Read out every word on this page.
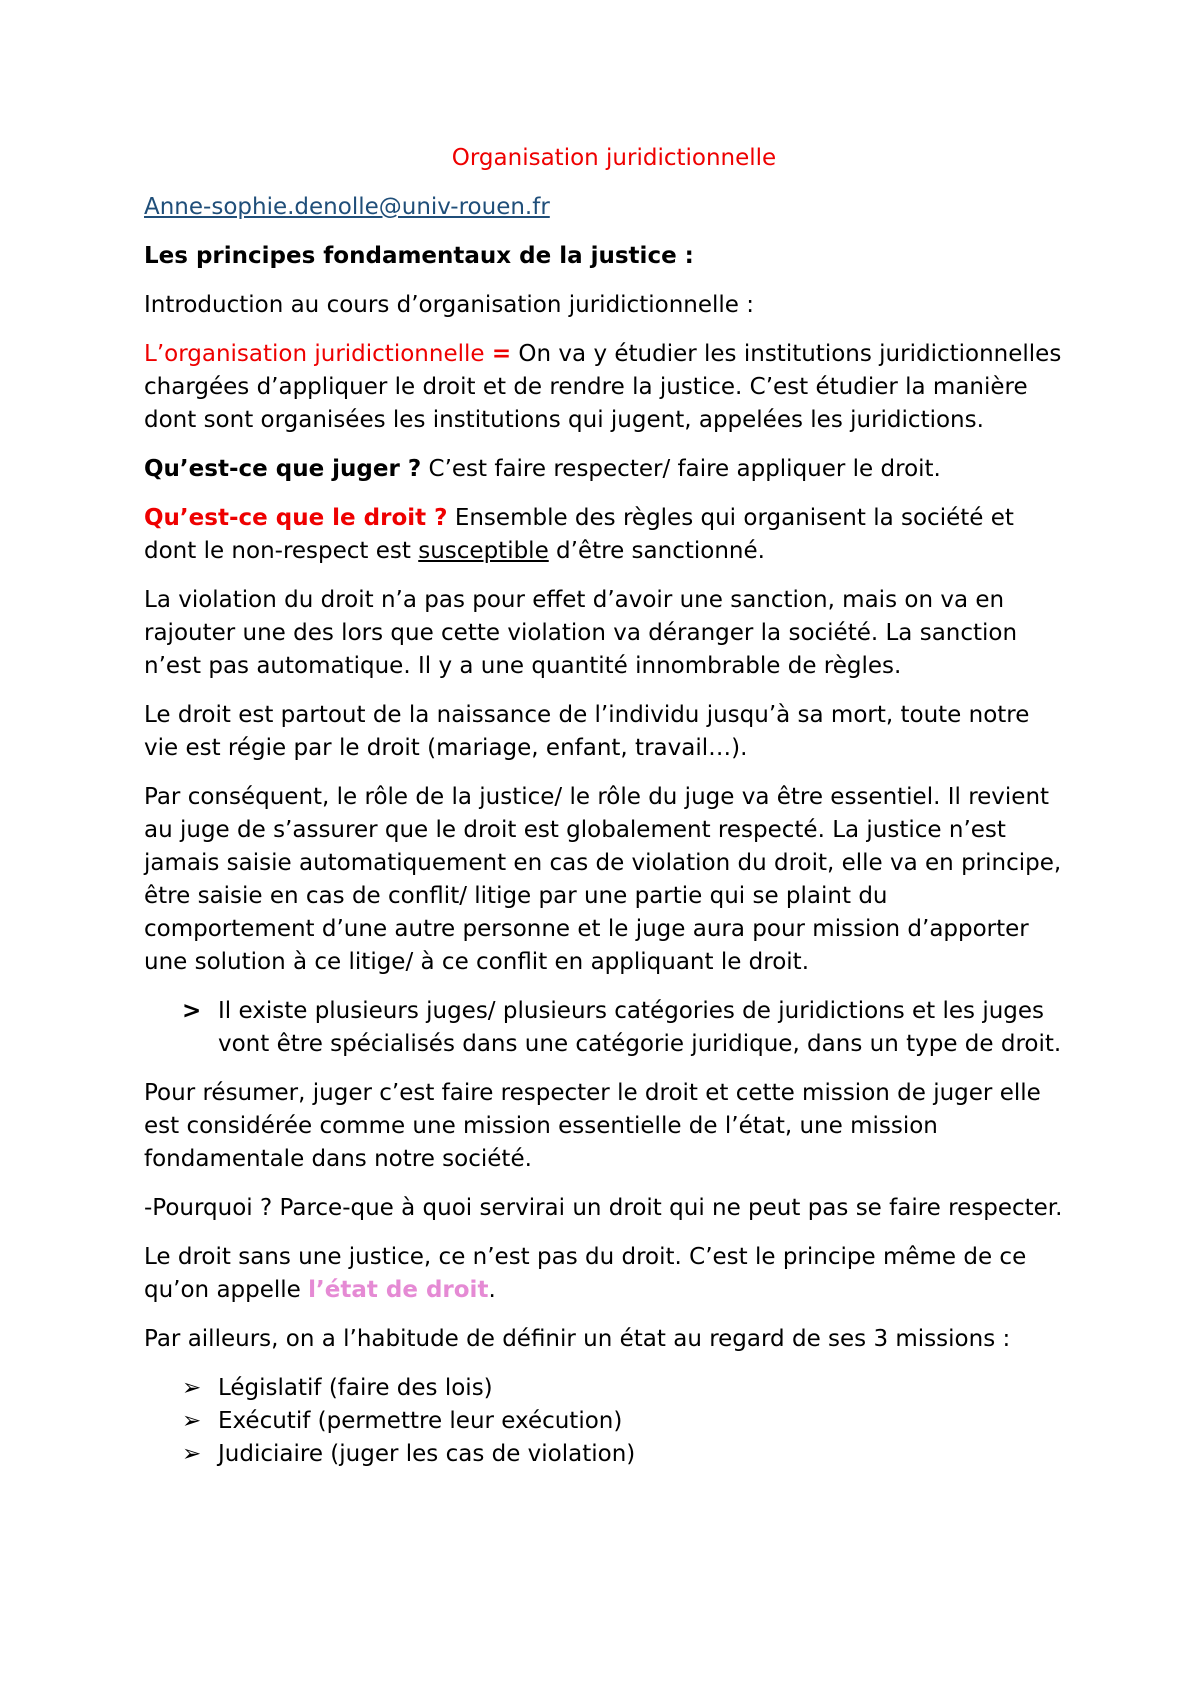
Organisation juridictionnelle
Anne-sophie.denolle@univ-rouen.fr

Les principes fondamentaux de la justice :

Introduction au cours d’organisation juridictionnelle :

L’organisation juridictionnelle = On va y étudier les institutions juridictionnelles chargées d’appliquer le droit et de rendre la justice. C’est étudier la manière dont sont organisées les institutions qui jugent, appelées les juridictions.

Qu’est-ce que juger ? C’est faire respecter/ faire appliquer le droit.

Qu’est-ce que le droit ? Ensemble des règles qui organisent la société et dont le non-respect est susceptible d’être sanctionné.

La violation du droit n’a pas pour effet d’avoir une sanction, mais on va en rajouter une des lors que cette violation va déranger la société. La sanction n’est pas automatique. Il y a une quantité innombrable de règles.

Le droit est partout de la naissance de l’individu jusqu’à sa mort, toute notre vie est régie par le droit (mariage, enfant, travail…).

Par conséquent, le rôle de la justice/ le rôle du juge va être essentiel. Il revient au juge de s’assurer que le droit est globalement respecté. La justice n’est jamais saisie automatiquement en cas de violation du droit, elle va en principe, être saisie en cas de conflit/ litige par une partie qui se plaint du comportement d’une autre personne et le juge aura pour mission d’apporter une solution à ce litige/ à ce conflit en appliquant le droit.

> Il existe plusieurs juges/ plusieurs catégories de juridictions et les juges vont être spécialisés dans une catégorie juridique, dans un type de droit.

Pour résumer, juger c’est faire respecter le droit et cette mission de juger elle est considérée comme une mission essentielle de l’état, une mission fondamentale dans notre société.

-Pourquoi ? Parce-que à quoi servirai un droit qui ne peut pas se faire respecter.

Le droit sans une justice, ce n’est pas du droit. C’est le principe même de ce qu’on appelle l’état de droit.

Par ailleurs, on a l’habitude de définir un état au regard de ses 3 missions :

➢ Législatif (faire des lois)
➢ Exécutif (permettre leur exécution)
➢ Judiciaire (juger les cas de violation)
